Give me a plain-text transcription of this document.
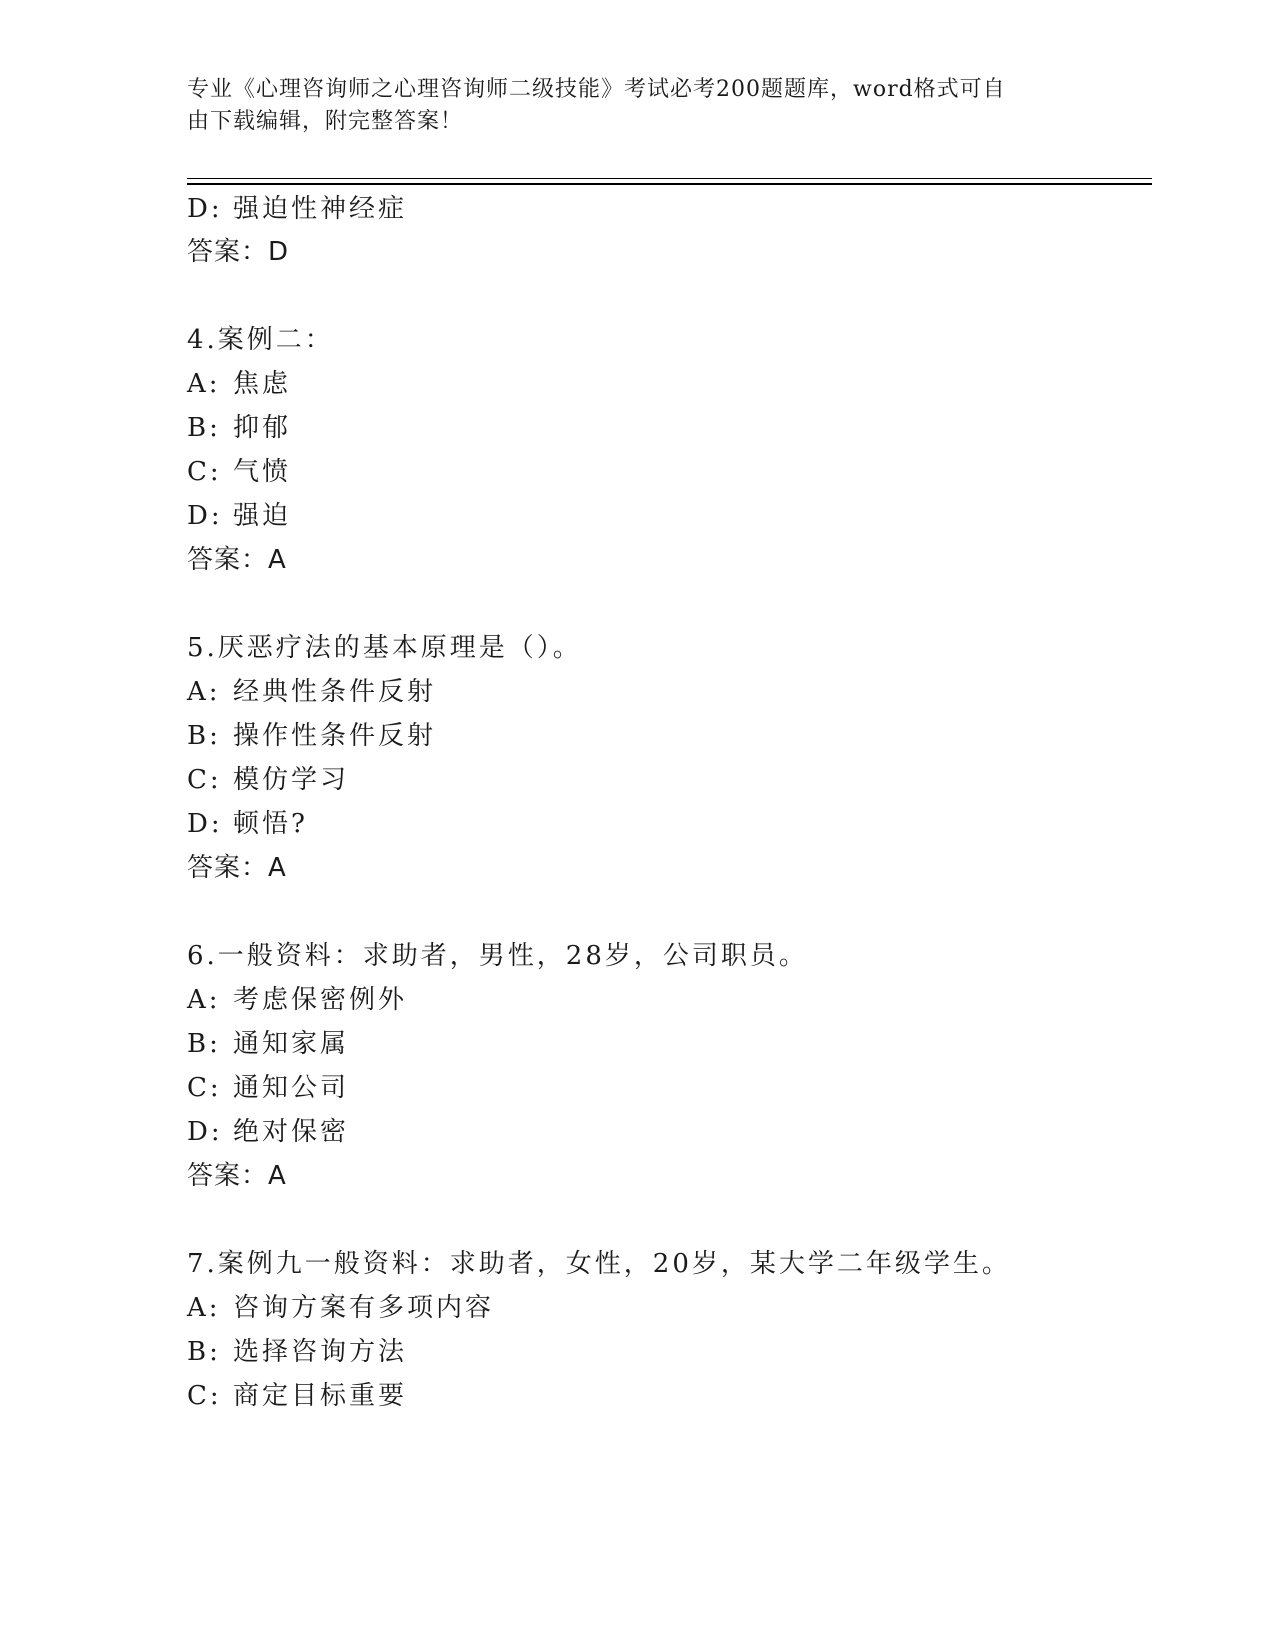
专业《心理咨询师之心理咨询师二级技能》考试必考200题题库，word格式可自
由下载编辑，附完整答案！
D: 强迫性神经症
答案：D
4.案例二：
A: 焦虑
B: 抑郁
C: 气愤
D: 强迫
答案：A
5.厌恶疗法的基本原理是（）。
A: 经典性条件反射
B: 操作性条件反射
C: 模仿学习
D: 顿悟?
答案：A
6.一般资料：求助者，男性，28岁，公司职员。
A: 考虑保密例外
B: 通知家属
C: 通知公司
D: 绝对保密
答案：A
7.案例九一般资料：求助者，女性，20岁，某大学二年级学生。
A: 咨询方案有多项内容
B: 选择咨询方法
C: 商定目标重要
